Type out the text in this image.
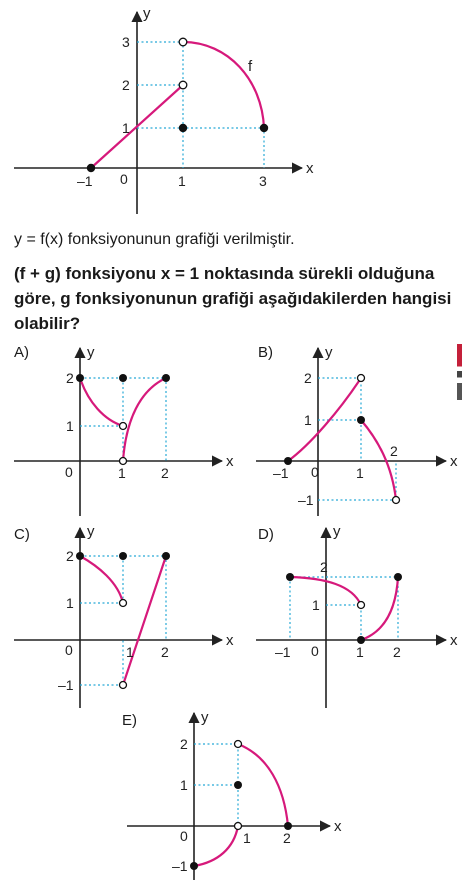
y
x
f
0
–1	1	3
1
2
3
y
x
0	1	2
1
2
y
x
0
–1	1
2
1
2
–1
y
x
0	1 2
1
2
–1
y
x
0
–1	1 2
1
2
y
x
0	1 2
1
2
–1
y = f(x) fonksiyonunun grafiği verilmiştir.
(f + g) fonksiyonu x = 1 noktasında sürekli olduğuna göre, g fonksiyonunun grafiği aşağıdakilerden hangisi olabilir?
A)	B)
C)	D)
E)
